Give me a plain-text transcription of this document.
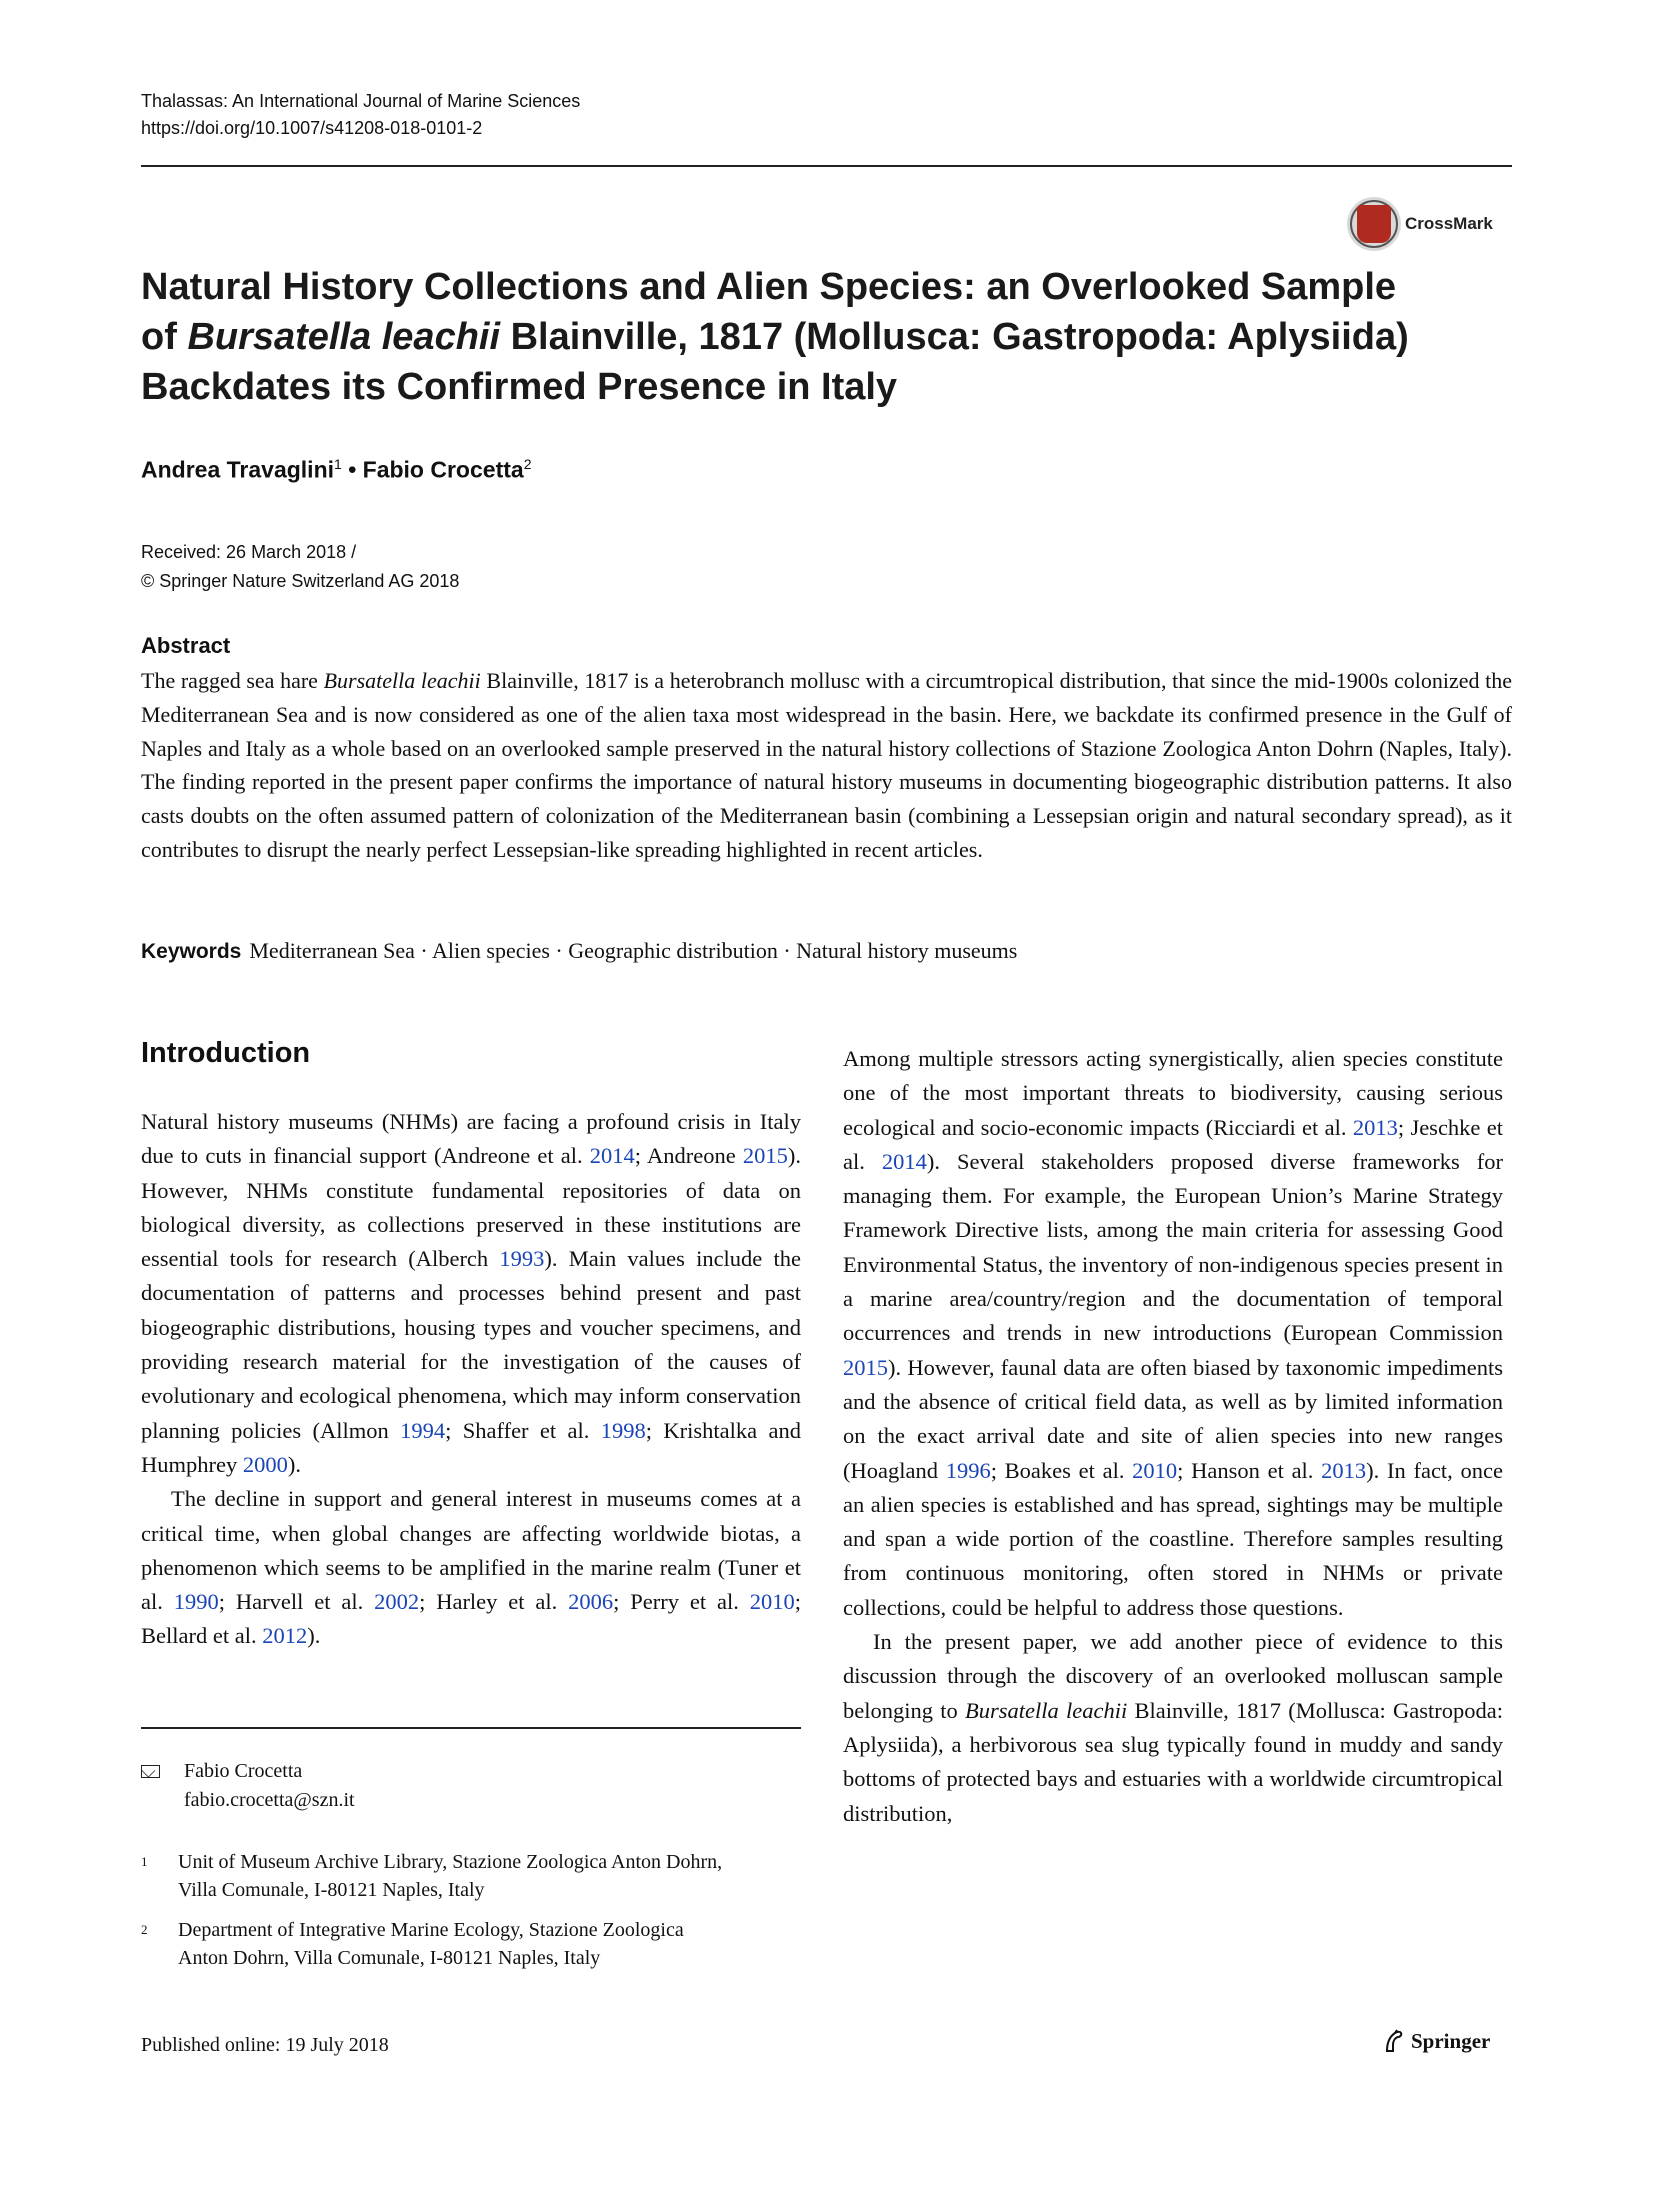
Thalassas: An International Journal of Marine Sciences
https://doi.org/10.1007/s41208-018-0101-2
CrossMark
Natural History Collections and Alien Species: an Overlooked Sample
of Bursatella leachii Blainville, 1817 (Mollusca: Gastropoda: Aplysiida)
Backdates its Confirmed Presence in Italy
Andrea Travaglini$^1$ • Fabio Crocetta$^2$
Received: 26 March 2018 /
© Springer Nature Switzerland AG 2018
Abstract
The ragged sea hare Bursatella leachii Blainville, 1817 is a heterobranch mollusc with a circumtropical distribution, that since the mid-1900s colonized the Mediterranean Sea and is now considered as one of the alien taxa most widespread in the basin. Here, we backdate its confirmed presence in the Gulf of Naples and Italy as a whole based on an overlooked sample preserved in the natural history collections of Stazione Zoologica Anton Dohrn (Naples, Italy). The finding reported in the present paper confirms the importance of natural history museums in documenting biogeographic distribution patterns. It also casts doubts on the often assumed pattern of colonization of the Mediterranean basin (combining a Lessepsian origin and natural secondary spread), as it contributes to disrupt the nearly perfect Lessepsian-like spreading highlighted in recent articles.
Keywords Mediterranean Sea · Alien species · Geographic distribution · Natural history museums
Introduction

Natural history museums (NHMs) are facing a profound crisis in Italy due to cuts in financial support (Andreone et al. 2014; Andreone 2015). However, NHMs constitute fundamental repositories of data on biological diversity, as collections preserved in these institutions are essential tools for research (Alberch 1993). Main values include the documentation of patterns and processes behind present and past biogeographic distributions, housing types and voucher specimens, and providing research material for the investigation of the causes of evolutionary and ecological phenomena, which may inform conservation planning policies (Allmon 1994; Shaffer et al. 1998; Krishtalka and Humphrey 2000).

The decline in support and general interest in museums comes at a critical time, when global changes are affecting worldwide biotas, a phenomenon which seems to be amplified in the marine realm (Tuner et al. 1990; Harvell et al. 2002; Harley et al. 2006; Perry et al. 2010; Bellard et al. 2012).

Among multiple stressors acting synergistically, alien species constitute one of the most important threats to biodiversity, causing serious ecological and socio-economic impacts (Ricciardi et al. 2013; Jeschke et al. 2014). Several stakeholders proposed diverse frameworks for managing them. For example, the European Union’s Marine Strategy Framework Directive lists, among the main criteria for assessing Good Environmental Status, the inventory of non-indigenous species present in a marine area/country/region and the documentation of temporal occurrences and trends in new introductions (European Commission 2015). However, faunal data are often biased by taxonomic impediments and the absence of critical field data, as well as by limited information on the exact arrival date and site of alien species into new ranges (Hoagland 1996; Boakes et al. 2010; Hanson et al. 2013). In fact, once an alien species is established and has spread, sightings may be multiple and span a wide portion of the coastline. Therefore samples resulting from continuous monitoring, often stored in NHMs or private collections, could be helpful to address those questions.

In the present paper, we add another piece of evidence to this discussion through the discovery of an overlooked molluscan sample belonging to Bursatella leachii Blainville, 1817 (Mollusca: Gastropoda: Aplysiida), a herbivorous sea slug typically found in muddy and sandy bottoms of protected bays and estuaries with a worldwide circumtropical distribution,

Fabio Crocetta
fabio.crocetta@szn.it
1 Unit of Museum Archive Library, Stazione Zoologica Anton Dohrn,
Villa Comunale, I-80121 Naples, Italy
2 Department of Integrative Marine Ecology, Stazione Zoologica
Anton Dohrn, Villa Comunale, I-80121 Naples, Italy
Published online: 19 July 2018	Springer
